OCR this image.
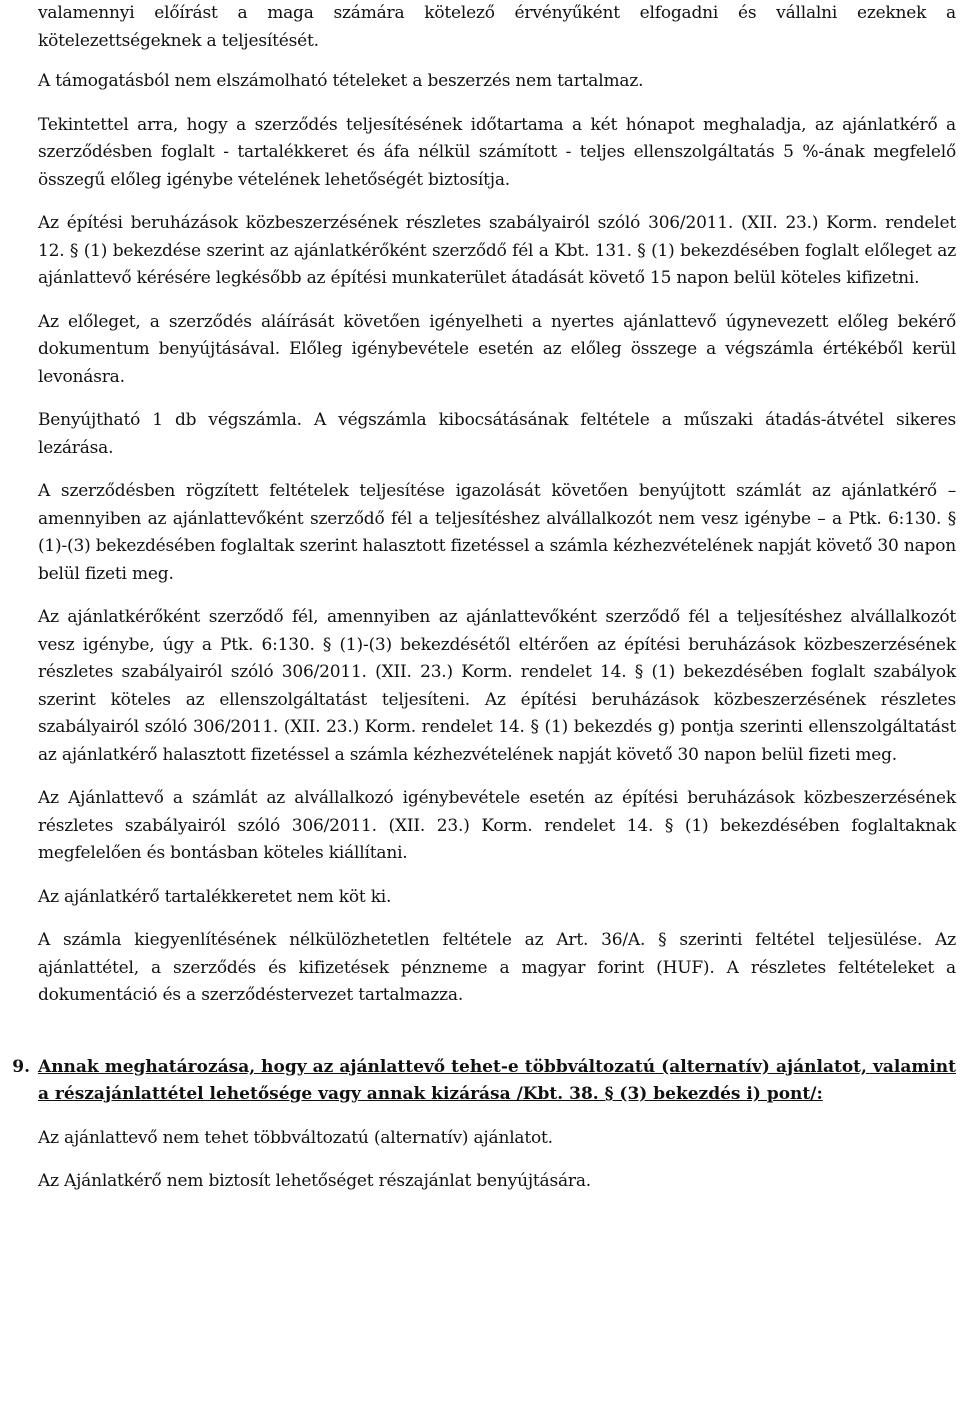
valamennyi előírást a maga számára kötelező érvényűként elfogadni és vállalni ezeknek a kötelezettségeknek a teljesítését.

A támogatásból nem elszámolható tételeket a beszerzés nem tartalmaz.

Tekintettel arra, hogy a szerződés teljesítésének időtartama a két hónapot meghaladja, az ajánlatkérő a szerződésben foglalt - tartalékkeret és áfa nélkül számított - teljes ellenszolgáltatás 5 %-ának megfelelő összegű előleg igénybe vételének lehetőségét biztosítja.

Az építési beruházások közbeszerzésének részletes szabályairól szóló 306/2011. (XII. 23.) Korm. rendelet 12. § (1) bekezdése szerint az ajánlatkérőként szerződő fél a Kbt. 131. § (1) bekezdésében foglalt előleget az ajánlattevő kérésére legkésőbb az építési munkaterület átadását követő 15 napon belül köteles kifizetni.

Az előleget, a szerződés aláírását követően igényelheti a nyertes ajánlattevő úgynevezett előleg bekérő dokumentum benyújtásával. Előleg igénybevétele esetén az előleg összege a végszámla értékéből kerül levonásra.

Benyújtható 1 db végszámla. A végszámla kibocsátásának feltétele a műszaki átadás-átvétel sikeres lezárása.

A szerződésben rögzített feltételek teljesítése igazolását követően benyújtott számlát az ajánlatkérő – amennyiben az ajánlattevőként szerződő fél a teljesítéshez alvállalkozót nem vesz igénybe – a Ptk. 6:130. § (1)-(3) bekezdésében foglaltak szerint halasztott fizetéssel a számla kézhezvételének napját követő 30 napon belül fizeti meg.

Az ajánlatkérőként szerződő fél, amennyiben az ajánlattevőként szerződő fél a teljesítéshez alvállalkozót vesz igénybe, úgy a Ptk. 6:130. § (1)-(3) bekezdésétől eltérően az építési beruházások közbeszerzésének részletes szabályairól szóló 306/2011. (XII. 23.) Korm. rendelet 14. § (1) bekezdésében foglalt szabályok szerint köteles az ellenszolgáltatást teljesíteni. Az építési beruházások közbeszerzésének részletes szabályairól szóló 306/2011. (XII. 23.) Korm. rendelet 14. § (1) bekezdés g) pontja szerinti ellenszolgáltatást az ajánlatkérő halasztott fizetéssel a számla kézhezvételének napját követő 30 napon belül fizeti meg.

Az Ajánlattevő a számlát az alvállalkozó igénybevétele esetén az építési beruházások közbeszerzésének részletes szabályairól szóló 306/2011. (XII. 23.) Korm. rendelet 14. § (1) bekezdésében foglaltaknak megfelelően és bontásban köteles kiállítani.

Az ajánlatkérő tartalékkeretet nem köt ki.

A számla kiegyenlítésének nélkülözhetetlen feltétele az Art. 36/A. § szerinti feltétel teljesülése. Az ajánlattétel, a szerződés és kifizetések pénzneme a magyar forint (HUF). A részletes feltételeket a dokumentáció és a szerződéstervezet tartalmazza.

9. Annak meghatározása, hogy az ajánlattevő tehet-e többváltozatú (alternatív) ajánlatot, valamint a részajánlattétel lehetősége vagy annak kizárása /Kbt. 38. § (3) bekezdés i) pont/:

Az ajánlattevő nem tehet többváltozatú (alternatív) ajánlatot.

Az Ajánlatkérő nem biztosít lehetőséget részajánlat benyújtására.
